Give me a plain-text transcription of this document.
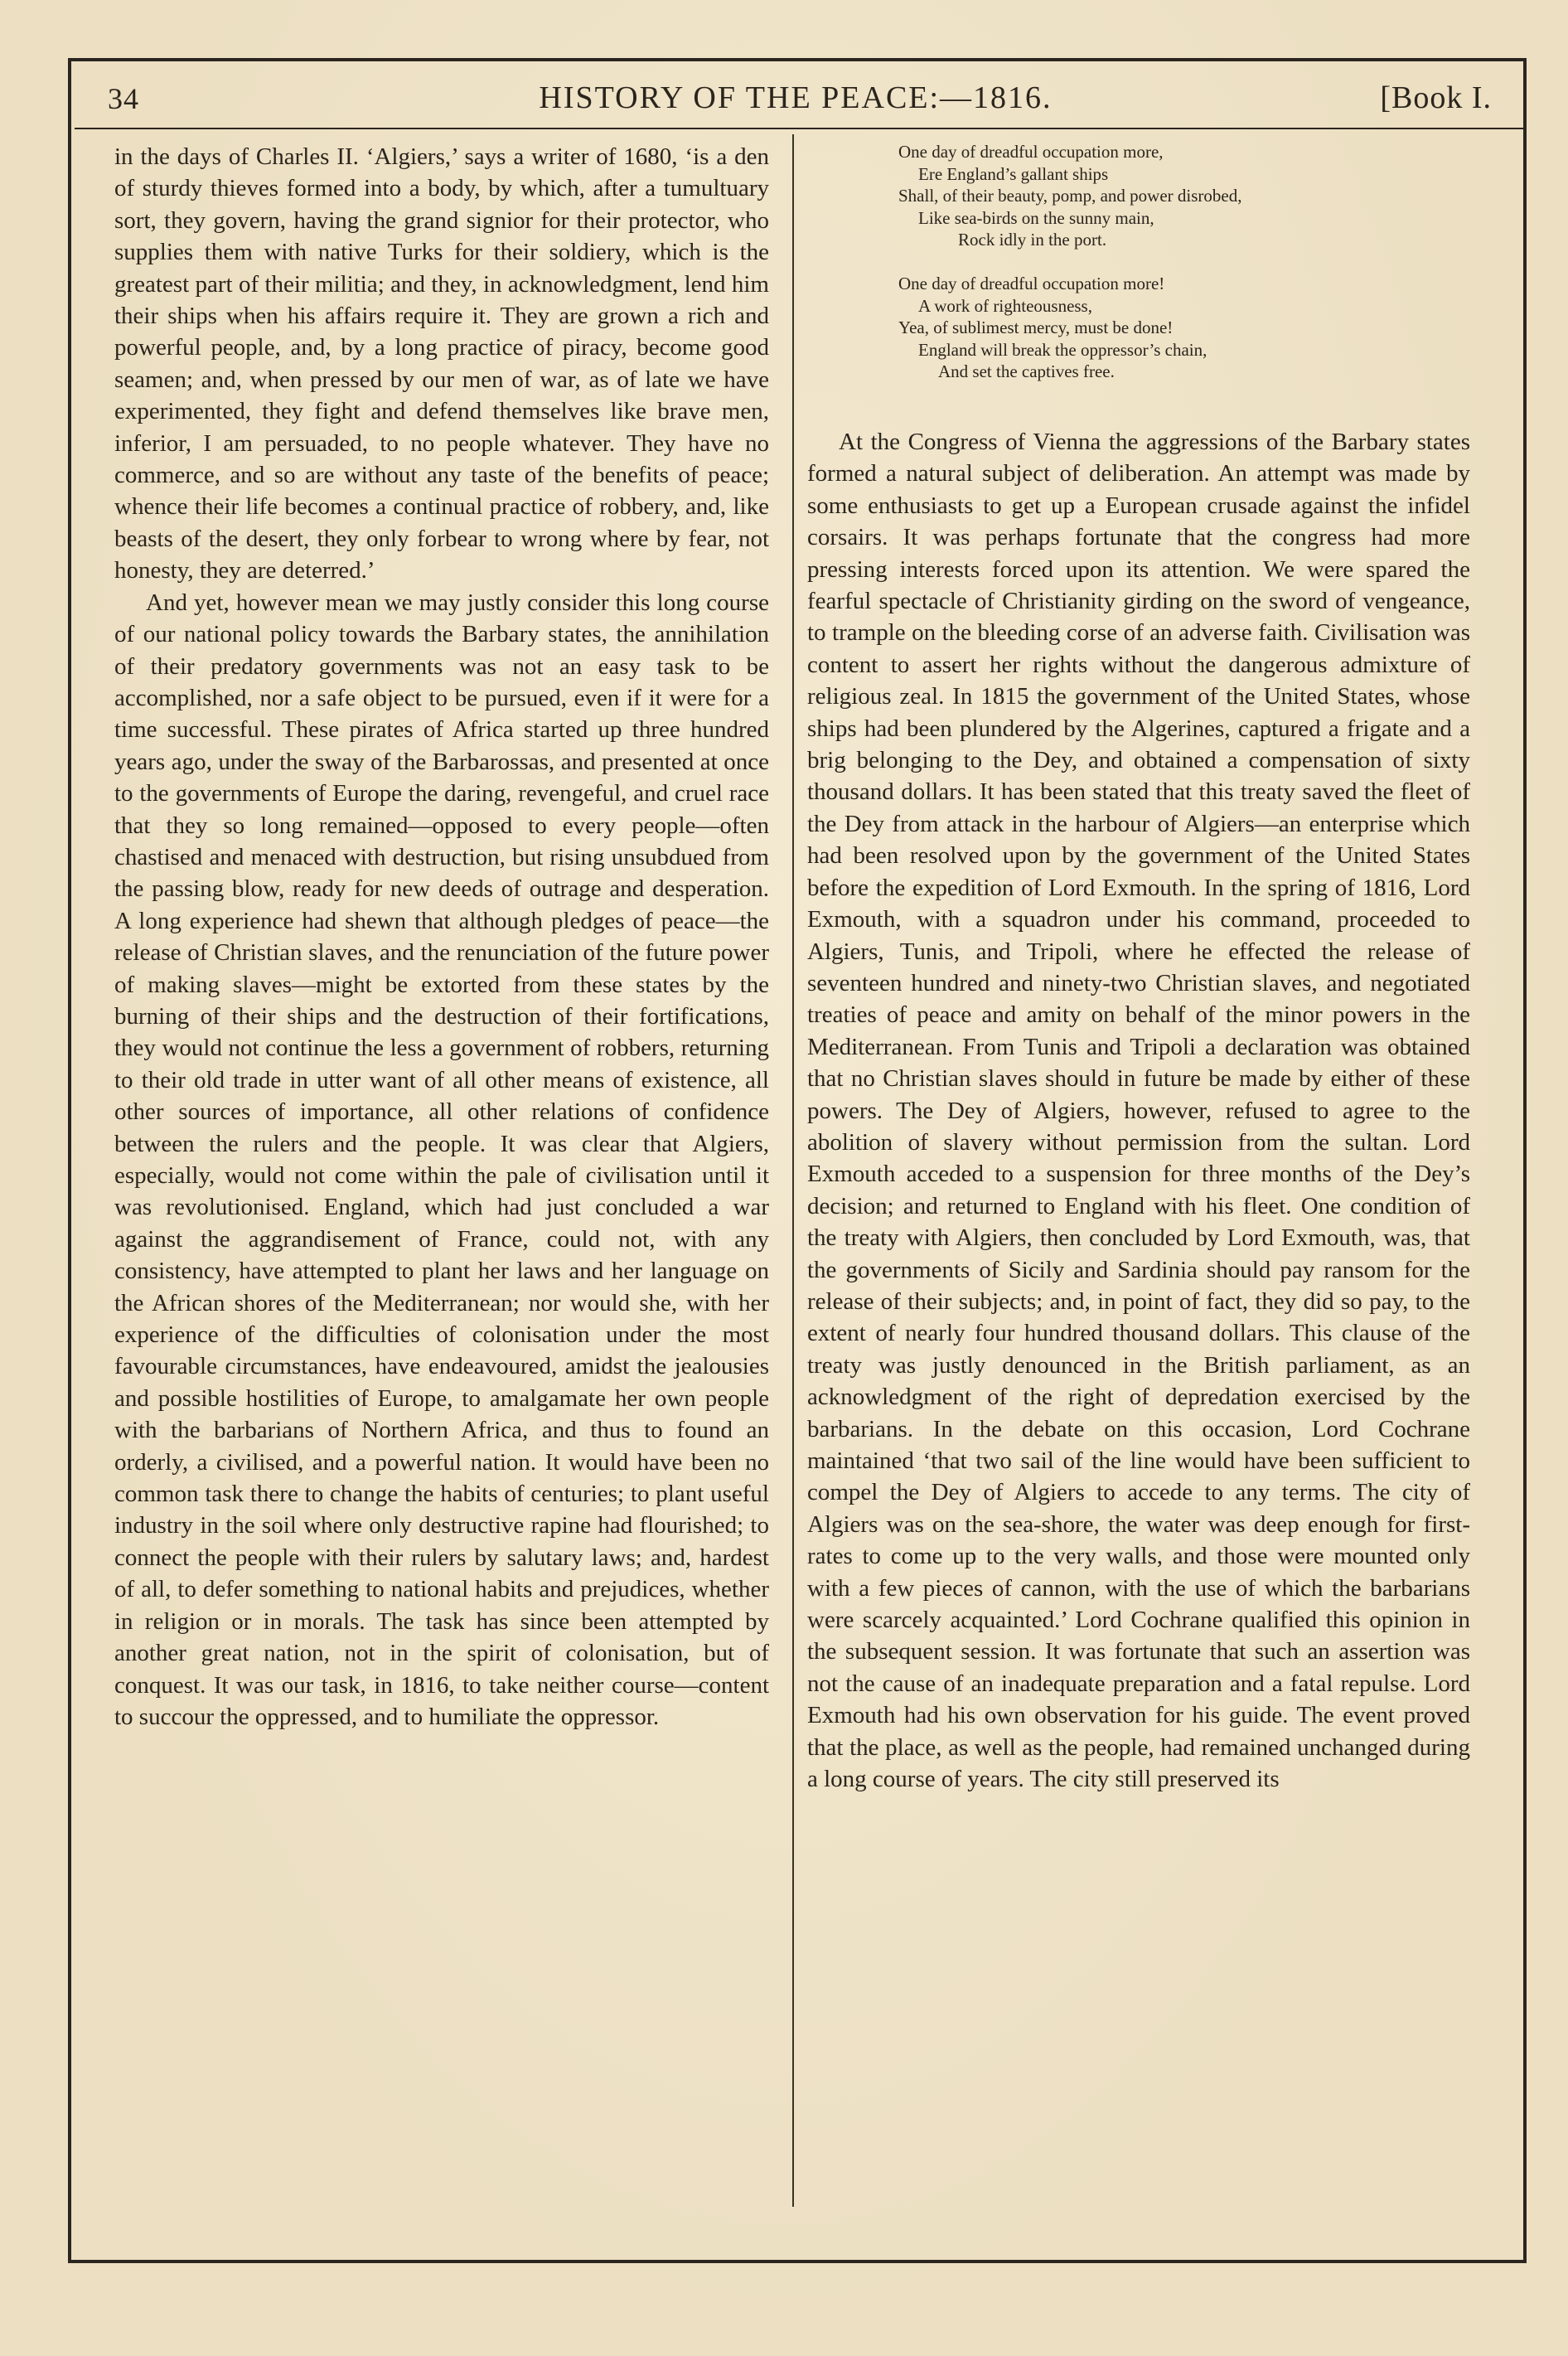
34	HISTORY OF THE PEACE:—1816.	[Book I.

in the days of Charles II. ‘Algiers,’ says a writer of 1680, ‘is a den of sturdy thieves formed into a body, by which, after a tumultuary sort, they govern, having the grand signior for their protector, who supplies them with native Turks for their soldiery, which is the greatest part of their militia; and they, in acknowledgment, lend him their ships when his affairs require it. They are grown a rich and powerful people, and, by a long practice of piracy, become good seamen; and, when pressed by our men of war, as of late we have experimented, they fight and defend themselves like brave men, inferior, I am persuaded, to no people whatever. They have no commerce, and so are without any taste of the benefits of peace; whence their life becomes a continual practice of robbery, and, like beasts of the desert, they only forbear to wrong where by fear, not honesty, they are deterred.’

And yet, however mean we may justly consider this long course of our national policy towards the Barbary states, the annihilation of their predatory governments was not an easy task to be accomplished, nor a safe object to be pursued, even if it were for a time successful. These pirates of Africa started up three hundred years ago, under the sway of the Barbarossas, and presented at once to the governments of Europe the daring, revengeful, and cruel race that they so long remained—opposed to every people—often chastised and menaced with destruction, but rising unsubdued from the passing blow, ready for new deeds of outrage and desperation. A long experience had shewn that although pledges of peace—the release of Christian slaves, and the renunciation of the future power of making slaves—might be extorted from these states by the burning of their ships and the destruction of their fortifications, they would not continue the less a government of robbers, returning to their old trade in utter want of all other means of existence, all other sources of importance, all other relations of confidence between the rulers and the people. It was clear that Algiers, especially, would not come within the pale of civilisation until it was revolutionised. England, which had just concluded a war against the aggrandisement of France, could not, with any consistency, have attempted to plant her laws and her language on the African shores of the Mediterranean; nor would she, with her experience of the difficulties of colonisation under the most favourable circumstances, have endeavoured, amidst the jealousies and possible hostilities of Europe, to amalgamate her own people with the barbarians of Northern Africa, and thus to found an orderly, a civilised, and a powerful nation. It would have been no common task there to change the habits of centuries; to plant useful industry in the soil where only destructive rapine had flourished; to connect the people with their rulers by salutary laws; and, hardest of all, to defer something to national habits and prejudices, whether in religion or in morals. The task has since been attempted by another great nation, not in the spirit of colonisation, but of conquest. It was our task, in 1816, to take neither course—content to succour the oppressed, and to humiliate the oppressor.

One day of dreadful occupation more,
Ere England’s gallant ships
Shall, of their beauty, pomp, and power disrobed,
Like sea-birds on the sunny main,
Rock idly in the port.
One day of dreadful occupation more!
A work of righteousness,
Yea, of sublimest mercy, must be done!
England will break the oppressor’s chain,
And set the captives free.

At the Congress of Vienna the aggressions of the Barbary states formed a natural subject of deliberation. An attempt was made by some enthusiasts to get up a European crusade against the infidel corsairs. It was perhaps fortunate that the congress had more pressing interests forced upon its attention. We were spared the fearful spectacle of Christianity girding on the sword of vengeance, to trample on the bleeding corse of an adverse faith. Civilisation was content to assert her rights without the dangerous admixture of religious zeal. In 1815 the government of the United States, whose ships had been plundered by the Algerines, captured a frigate and a brig belonging to the Dey, and obtained a compensation of sixty thousand dollars. It has been stated that this treaty saved the fleet of the Dey from attack in the harbour of Algiers—an enterprise which had been resolved upon by the government of the United States before the expedition of Lord Exmouth. In the spring of 1816, Lord Exmouth, with a squadron under his command, proceeded to Algiers, Tunis, and Tripoli, where he effected the release of seventeen hundred and ninety-two Christian slaves, and negotiated treaties of peace and amity on behalf of the minor powers in the Mediterranean. From Tunis and Tripoli a declaration was obtained that no Christian slaves should in future be made by either of these powers. The Dey of Algiers, however, refused to agree to the abolition of slavery without permission from the sultan. Lord Exmouth acceded to a suspension for three months of the Dey’s decision; and returned to England with his fleet. One condition of the treaty with Algiers, then concluded by Lord Exmouth, was, that the governments of Sicily and Sardinia should pay ransom for the release of their subjects; and, in point of fact, they did so pay, to the extent of nearly four hundred thousand dollars. This clause of the treaty was justly denounced in the British parliament, as an acknowledgment of the right of depredation exercised by the barbarians. In the debate on this occasion, Lord Cochrane maintained ‘that two sail of the line would have been sufficient to compel the Dey of Algiers to accede to any terms. The city of Algiers was on the sea-shore, the water was deep enough for first-rates to come up to the very walls, and those were mounted only with a few pieces of cannon, with the use of which the barbarians were scarcely acquainted.’ Lord Cochrane qualified this opinion in the subsequent session. It was fortunate that such an assertion was not the cause of an inadequate preparation and a fatal repulse. Lord Exmouth had his own observation for his guide. The event proved that the place, as well as the people, had remained unchanged during a long course of years. The city still preserved its
